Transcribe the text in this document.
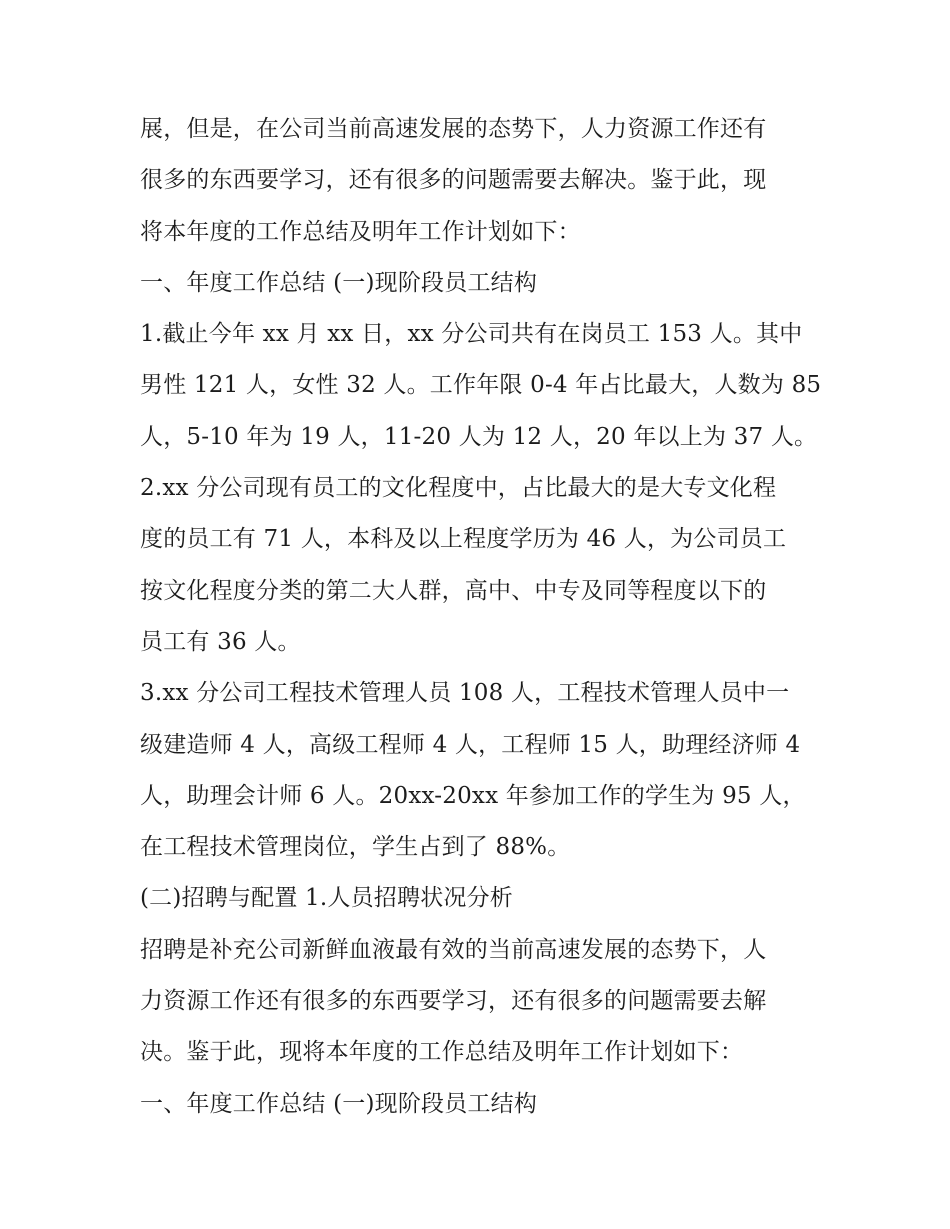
展，但是，在公司当前高速发展的态势下，人力资源工作还有
很多的东西要学习，还有很多的问题需要去解决。鉴于此，现
将本年度的工作总结及明年工作计划如下：
一、年度工作总结 (一)现阶段员工结构
1.截止今年 xx 月 xx 日，xx 分公司共有在岗员工 153 人。其中
男性 121 人，女性 32 人。工作年限 0-4 年占比最大，人数为 85
人，5-10 年为 19 人，11-20 人为 12 人，20 年以上为 37 人。
2.xx 分公司现有员工的文化程度中，占比最大的是大专文化程
度的员工有 71 人，本科及以上程度学历为 46 人，为公司员工
按文化程度分类的第二大人群，高中、中专及同等程度以下的
员工有 36 人。
3.xx 分公司工程技术管理人员 108 人，工程技术管理人员中一
级建造师 4 人，高级工程师 4 人，工程师 15 人，助理经济师 4
人，助理会计师 6 人。20xx-20xx 年参加工作的学生为 95 人，
在工程技术管理岗位，学生占到了 88%。
(二)招聘与配置 1.人员招聘状况分析
招聘是补充公司新鲜血液最有效的当前高速发展的态势下，人
力资源工作还有很多的东西要学习，还有很多的问题需要去解
决。鉴于此，现将本年度的工作总结及明年工作计划如下：
一、年度工作总结 (一)现阶段员工结构
